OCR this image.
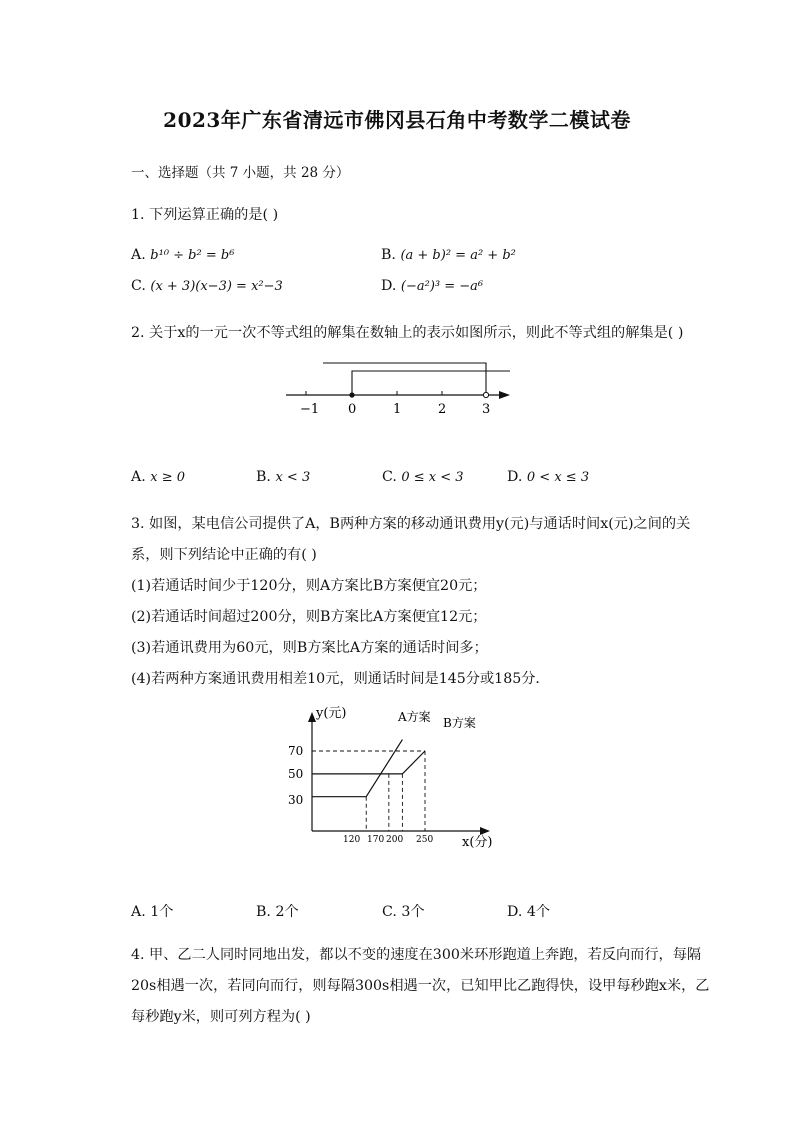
2023年广东省清远市佛冈县石角中考数学二模试卷
一、选择题（共 7 小题，共 28 分）
1. 下列运算正确的是( )
A. b¹⁰ ÷ b² = b⁶	B. (a + b)² = a² + b²
C. (x + 3)(x−3) = x²−3	D. (−a²)³ = −a⁶
2. 关于x的一元一次不等式组的解集在数轴上的表示如图所示，则此不等式组的解集是( )
−1 0	1	2	3
A. x ≥ 0	B. x < 3	C. 0 ≤ x < 3	D. 0 < x ≤ 3
3. 如图，某电信公司提供了A，B两种方案的移动通讯费用y(元)与通话时间x(元)之间的关
系，则下列结论中正确的有( )
(1)若通话时间少于120分，则A方案比B方案便宜20元；
(2)若通话时间超过200分，则B方案比A方案便宜12元；
(3)若通讯费用为60元，则B方案比A方案的通话时间多；
(4)若两种方案通讯费用相差10元，则通话时间是145分或185分．
y(元)
x(分)
A方案 B方案
70
50
30
120 170 200 250
A. 1个	B. 2个	C. 3个	D. 4个
4. 甲、乙二人同时同地出发，都以不变的速度在300米环形跑道上奔跑，若反向而行，每隔
20s相遇一次，若同向而行，则每隔300s相遇一次，已知甲比乙跑得快，设甲每秒跑x米，乙
每秒跑y米，则可列方程为( )
